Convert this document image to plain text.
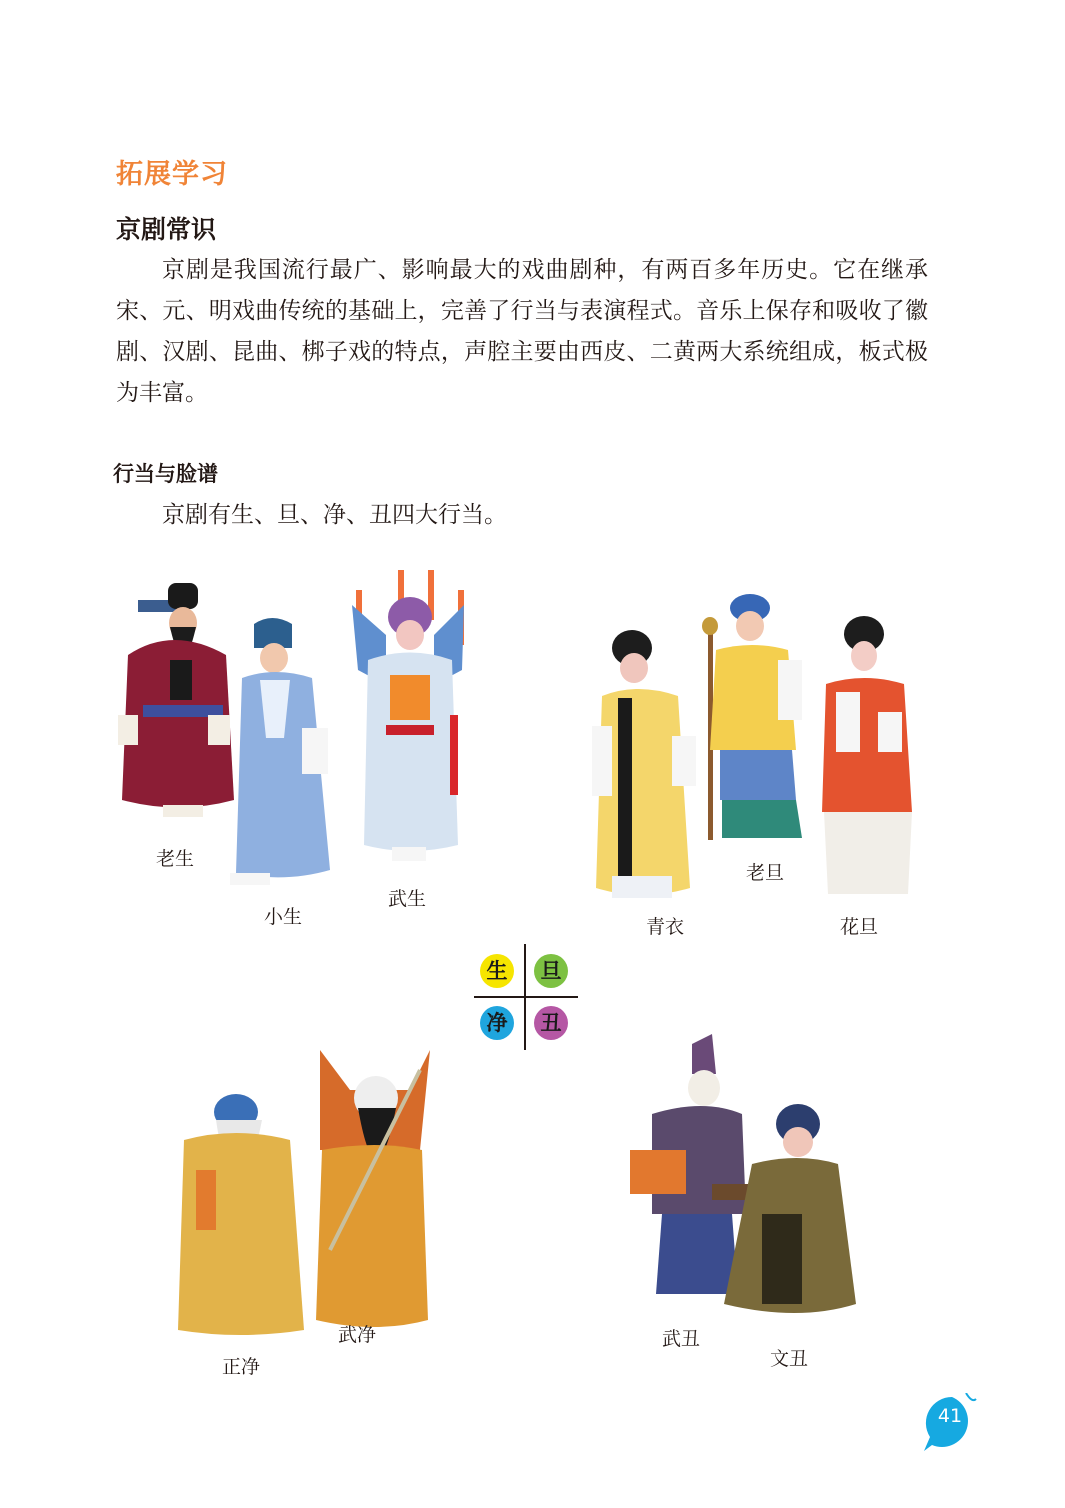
拓展学习
京剧常识

京剧是我国流行最广、影响最大的戏曲剧种，有两百多年历史。它在继承宋、元、明戏曲传统的基础上，完善了行当与表演程式。音乐上保存和吸收了徽剧、汉剧、昆曲、梆子戏的特点，声腔主要由西皮、二黄两大系统组成，板式极为丰富。

行当与脸谱

京剧有生、旦、净、丑四大行当。

老生
小生
武生
青衣
老旦
花旦
生	旦
净	丑
正净
武净	武丑
文丑
41
